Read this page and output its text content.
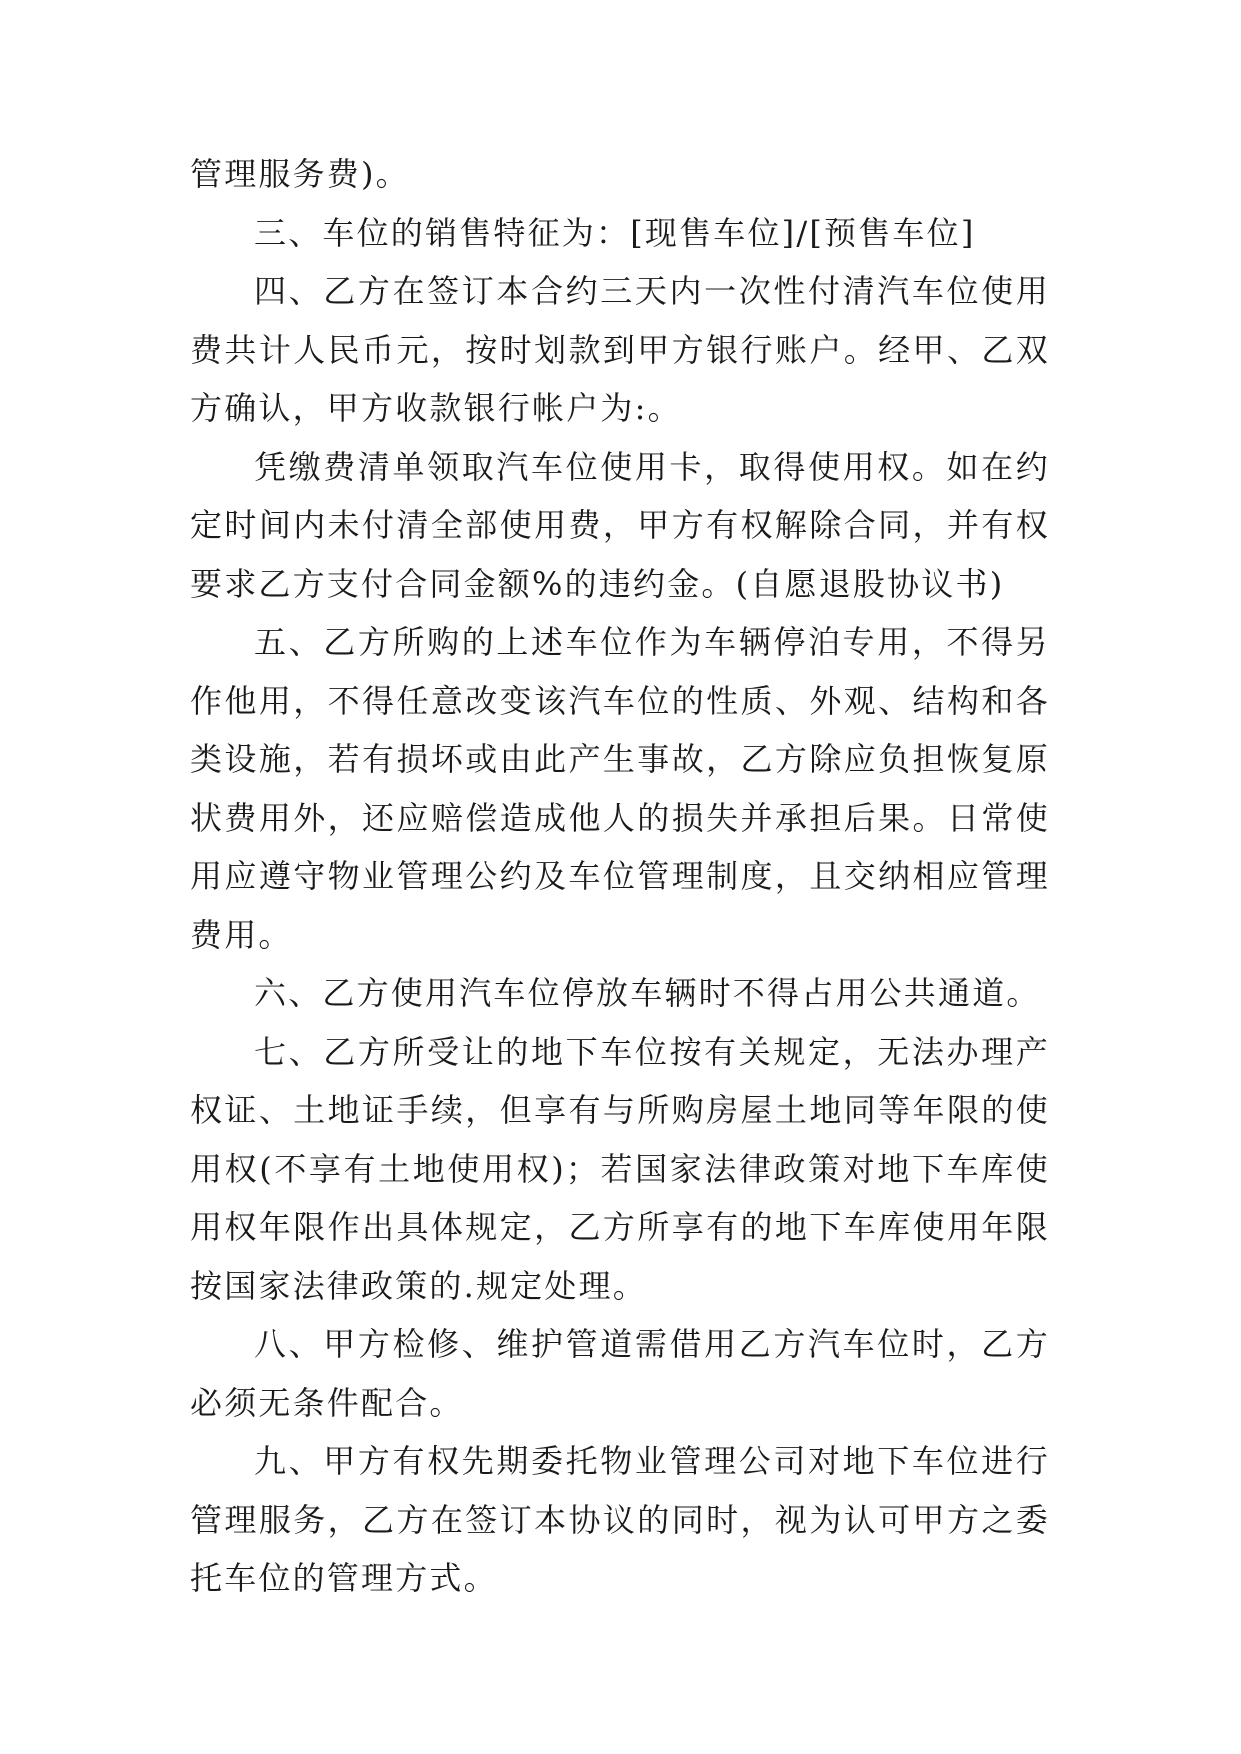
管理服务费)。

三、车位的销售特征为：[现售车位]/[预售车位]

四、乙方在签订本合约三天内一次性付清汽车位使用费共计人民币元，按时划款到甲方银行账户。经甲、乙双方确认，甲方收款银行帐户为:。

凭缴费清单领取汽车位使用卡，取得使用权。如在约定时间内未付清全部使用费，甲方有权解除合同，并有权要求乙方支付合同金额%的违约金。(自愿退股协议书)

五、乙方所购的上述车位作为车辆停泊专用，不得另作他用，不得任意改变该汽车位的性质、外观、结构和各类设施，若有损坏或由此产生事故，乙方除应负担恢复原状费用外，还应赔偿造成他人的损失并承担后果。日常使用应遵守物业管理公约及车位管理制度，且交纳相应管理费用。

六、乙方使用汽车位停放车辆时不得占用公共通道。

七、乙方所受让的地下车位按有关规定，无法办理产权证、土地证手续，但享有与所购房屋土地同等年限的使用权(不享有土地使用权)；若国家法律政策对地下车库使用权年限作出具体规定，乙方所享有的地下车库使用年限按国家法律政策的.规定处理。

八、甲方检修、维护管道需借用乙方汽车位时，乙方必须无条件配合。

九、甲方有权先期委托物业管理公司对地下车位进行管理服务，乙方在签订本协议的同时，视为认可甲方之委托车位的管理方式。
